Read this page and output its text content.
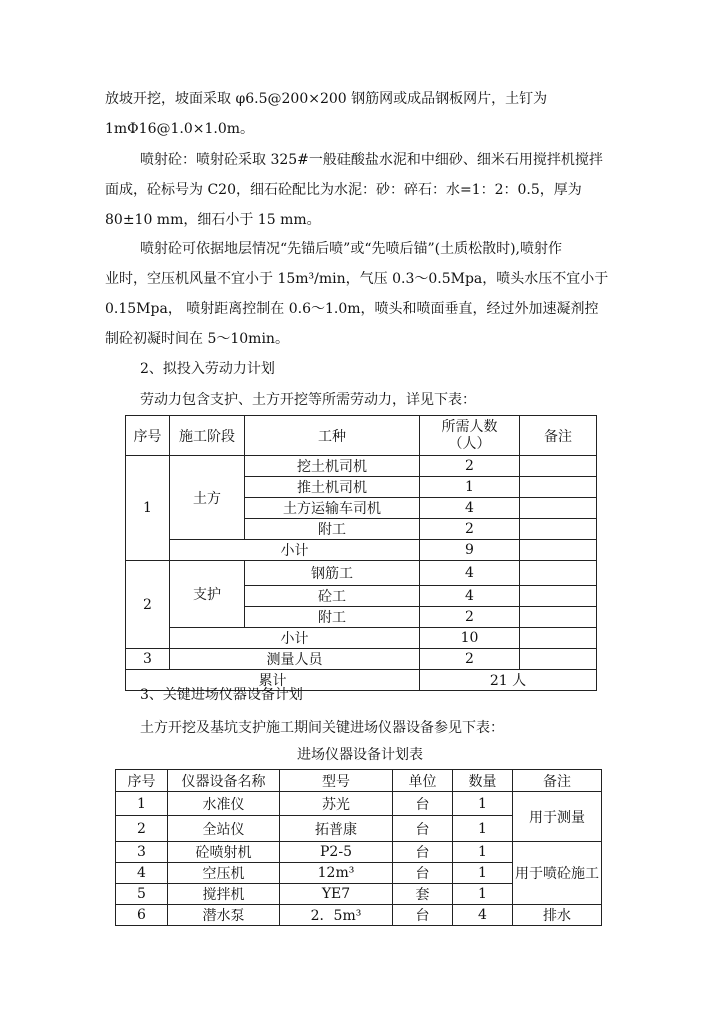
放坡开挖，坡面采取 φ6.5@200×200 钢筋网或成品钢板网片，土钉为

1mΦ16@1.0×1.0m。

喷射砼：喷射砼采取 325#一般硅酸盐水泥和中细砂、细米石用搅拌机搅拌

面成，砼标号为 C20，细石砼配比为水泥：砂：碎石：水=1：2：0.5，厚为

80±10 mm，细石小于 15 mm。

喷射砼可依据地层情况“先锚后喷”或“先喷后锚”(土质松散时),喷射作

业时，空压机风量不宜小于 15m³/min，气压 0.3～0.5Mpa，喷头水压不宜小于

0.15Mpa， 喷射距离控制在 0.6～1.0m，喷头和喷面垂直，经过外加速凝剂控

制砼初凝时间在 5～10min。

2、拟投入劳动力计划

劳动力包含支护、土方开挖等所需劳动力，详见下表：

序号	施工阶段	工种	所需人数（人）	备注
1	土方	挖土机司机	2	
		推土机司机	1	
		土方运输车司机	4	
		附工	2	
	小计		9	
2	支护	钢筋工	4	
		砼工	4	
		附工	2	
	小计		10	
3	测量人员		2	
累计			21 人	

3、关键进场仪器设备计划

土方开挖及基坑支护施工期间关键进场仪器设备参见下表：

进场仪器设备计划表

序号	仪器设备名称	型号	单位	数量	备注
1	水准仪	苏光	台	1	用于测量
2	全站仪	拓普康	台	1	
3	砼喷射机	P2-5	台	1	用于喷砼施工
4	空压机	12m³	台	1	
5	搅拌机	YE7	套	1	
6	潜水泵	2．5m³	台	4	排水
